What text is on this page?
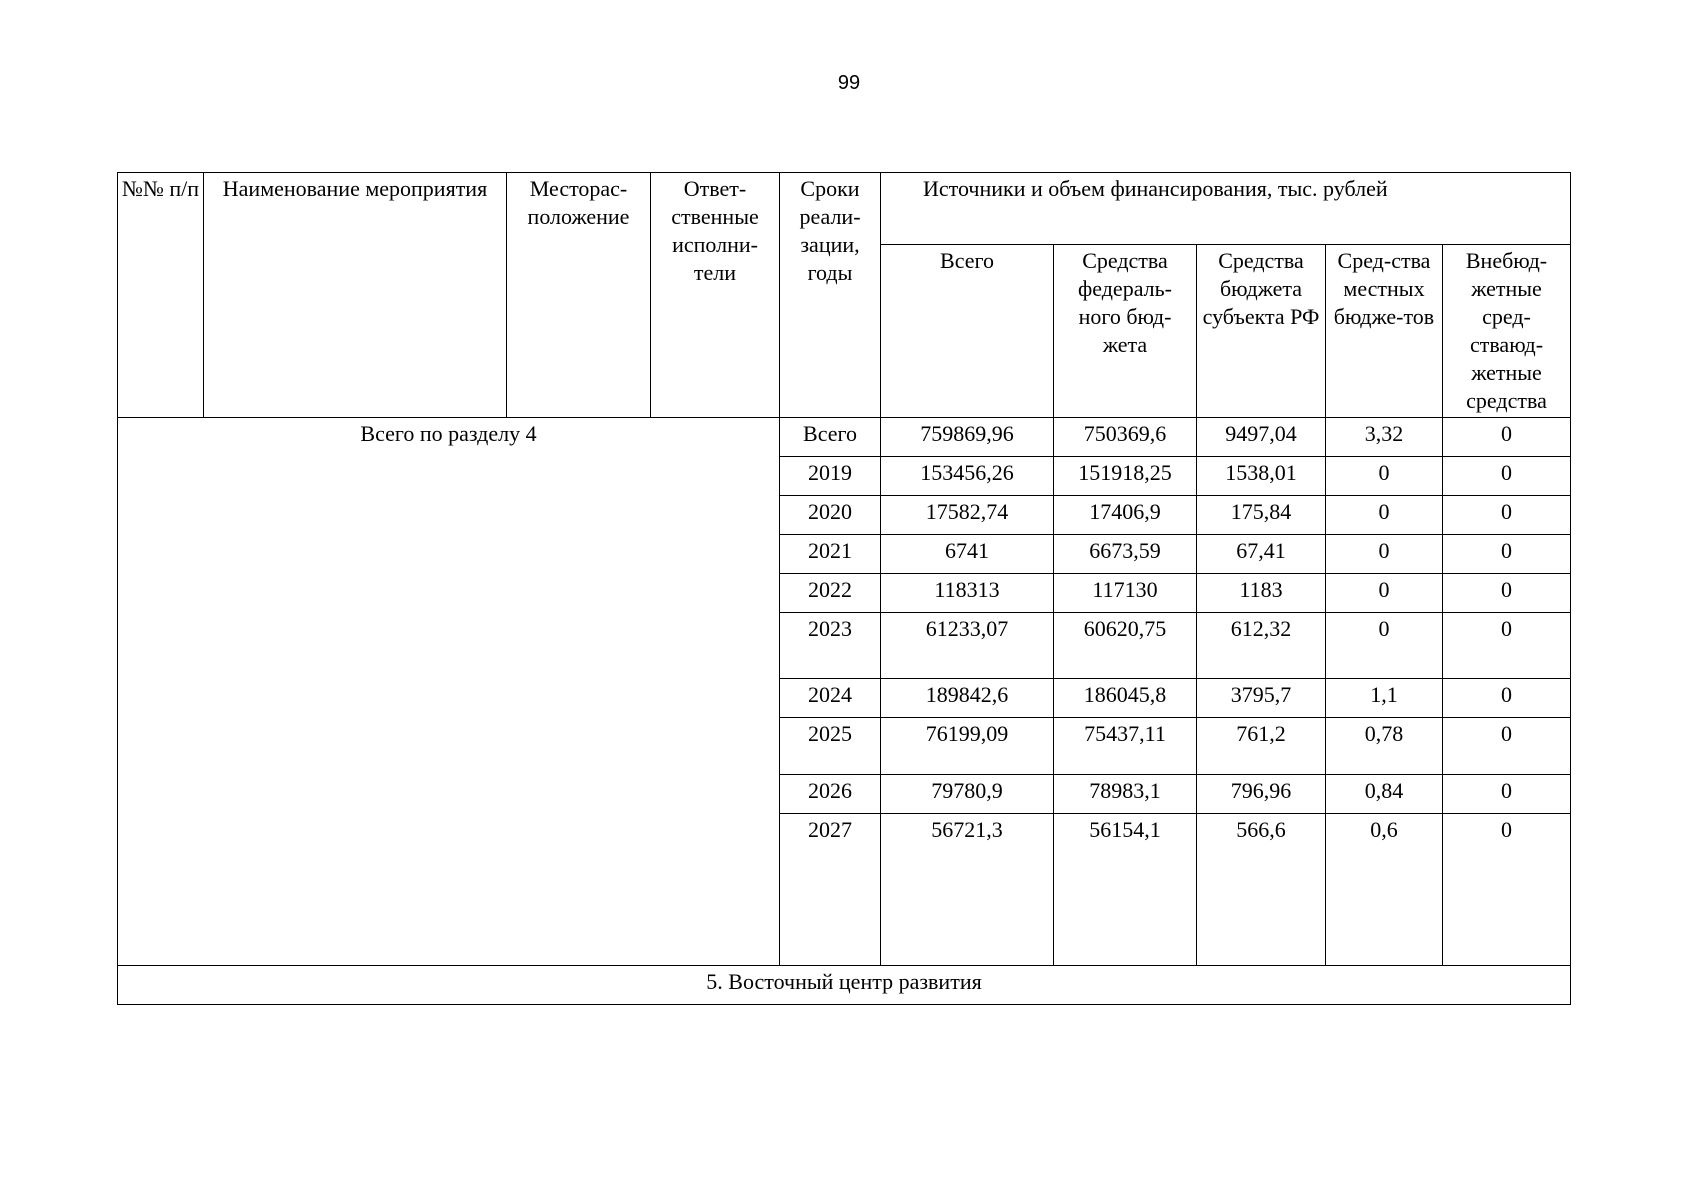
99
№№ п/п	Наименование мероприятия	Месторас-положение	Ответ-ственные исполни-тели	Сроки реали-зации, годы	Источники и объем финансирования, тыс. рублей				
					Всего	Средства федераль-ного бюд-жета	Средства бюджета субъекта РФ	Сред-ства местных бюдже-тов	Внебюд-жетные сред-стваюд-жетные средства
Всего по разделу 4				Всего	759869,96	750369,6	9497,04	3,32	0
				2019	153456,26	151918,25	1538,01	0	0
				2020	17582,74	17406,9	175,84	0	0
				2021	6741	6673,59	67,41	0	0
				2022	118313	117130	1183	0	0
				2023	61233,07	60620,75	612,32	0	0
				2024	189842,6	186045,8	3795,7	1,1	0
				2025	76199,09	75437,11	761,2	0,78	0
				2026	79780,9	78983,1	796,96	0,84	0
				2027	56721,3	56154,1	566,6	0,6	0
5. Восточный центр развития									
